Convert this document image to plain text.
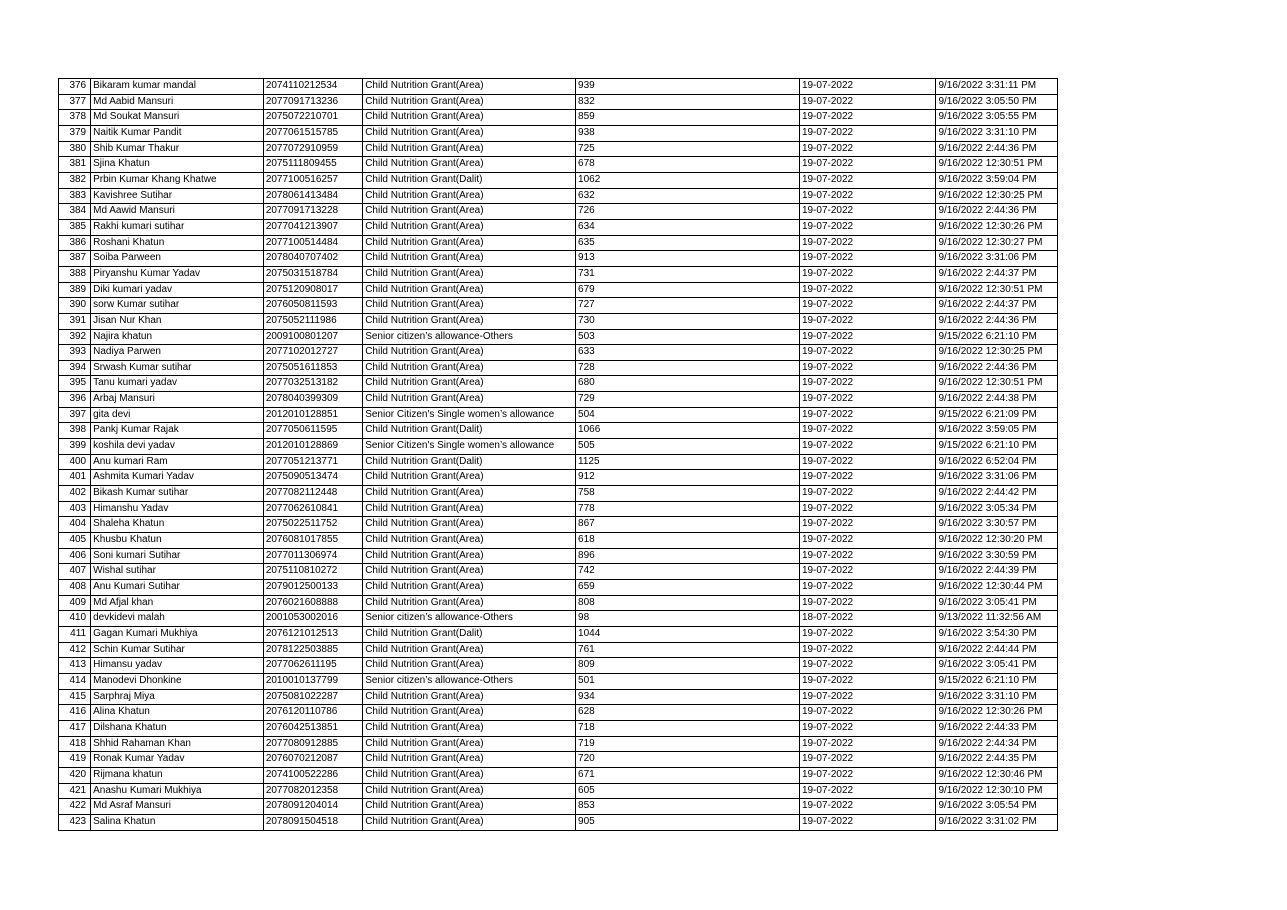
376	Bikaram kumar mandal	2074110212534	Child Nutrition Grant(Area)	939	19-07-2022	9/16/2022 3:31:11 PM
377	Md Aabid Mansuri	2077091713236	Child Nutrition Grant(Area)	832	19-07-2022	9/16/2022 3:05:50 PM
378	Md Soukat Mansuri	2075072210701	Child Nutrition Grant(Area)	859	19-07-2022	9/16/2022 3:05:55 PM
379	Naitik Kumar Pandit	2077061515785	Child Nutrition Grant(Area)	938	19-07-2022	9/16/2022 3:31:10 PM
380	Shib Kumar Thakur	2077072910959	Child Nutrition Grant(Area)	725	19-07-2022	9/16/2022 2:44:36 PM
381	Sjina Khatun	2075111809455	Child Nutrition Grant(Area)	678	19-07-2022	9/16/2022 12:30:51 PM
382	Prbin Kumar Khang Khatwe	2077100516257	Child Nutrition Grant(Dalit)	1062	19-07-2022	9/16/2022 3:59:04 PM
383	Kavishree Sutihar	2078061413484	Child Nutrition Grant(Area)	632	19-07-2022	9/16/2022 12:30:25 PM
384	Md Aawid Mansuri	2077091713228	Child Nutrition Grant(Area)	726	19-07-2022	9/16/2022 2:44:36 PM
385	Rakhi kumari sutihar	2077041213907	Child Nutrition Grant(Area)	634	19-07-2022	9/16/2022 12:30:26 PM
386	Roshani Khatun	2077100514484	Child Nutrition Grant(Area)	635	19-07-2022	9/16/2022 12:30:27 PM
387	Soiba Parween	2078040707402	Child Nutrition Grant(Area)	913	19-07-2022	9/16/2022 3:31:06 PM
388	Piryanshu Kumar Yadav	2075031518784	Child Nutrition Grant(Area)	731	19-07-2022	9/16/2022 2:44:37 PM
389	Diki kumari yadav	2075120908017	Child Nutrition Grant(Area)	679	19-07-2022	9/16/2022 12:30:51 PM
390	sorw Kumar sutihar	2076050811593	Child Nutrition Grant(Area)	727	19-07-2022	9/16/2022 2:44:37 PM
391	Jisan Nur Khan	2075052111986	Child Nutrition Grant(Area)	730	19-07-2022	9/16/2022 2:44:36 PM
392	Najira khatun	2009100801207	Senior citizen’s allowance-Others	503	19-07-2022	9/15/2022 6:21:10 PM
393	Nadiya Parwen	2077102012727	Child Nutrition Grant(Area)	633	19-07-2022	9/16/2022 12:30:25 PM
394	Srwash Kumar sutihar	2075051611853	Child Nutrition Grant(Area)	728	19-07-2022	9/16/2022 2:44:36 PM
395	Tanu kumari yadav	2077032513182	Child Nutrition Grant(Area)	680	19-07-2022	9/16/2022 12:30:51 PM
396	Arbaj Mansuri	2078040399309	Child Nutrition Grant(Area)	729	19-07-2022	9/16/2022 2:44:38 PM
397	gita devi	2012010128851	Senior Citizen's Single women’s allowance	504	19-07-2022	9/15/2022 6:21:09 PM
398	Pankj Kumar Rajak	2077050611595	Child Nutrition Grant(Dalit)	1066	19-07-2022	9/16/2022 3:59:05 PM
399	koshila devi yadav	2012010128869	Senior Citizen's Single women’s allowance	505	19-07-2022	9/15/2022 6:21:10 PM
400	Anu kumari Ram	2077051213771	Child Nutrition Grant(Dalit)	1125	19-07-2022	9/16/2022 6:52:04 PM
401	Ashmita Kumari Yadav	2075090513474	Child Nutrition Grant(Area)	912	19-07-2022	9/16/2022 3:31:06 PM
402	Bikash Kumar sutihar	2077082112448	Child Nutrition Grant(Area)	758	19-07-2022	9/16/2022 2:44:42 PM
403	Himanshu Yadav	2077062610841	Child Nutrition Grant(Area)	778	19-07-2022	9/16/2022 3:05:34 PM
404	Shaleha Khatun	2075022511752	Child Nutrition Grant(Area)	867	19-07-2022	9/16/2022 3:30:57 PM
405	Khusbu Khatun	2076081017855	Child Nutrition Grant(Area)	618	19-07-2022	9/16/2022 12:30:20 PM
406	Soni kumari Sutihar	2077011306974	Child Nutrition Grant(Area)	896	19-07-2022	9/16/2022 3:30:59 PM
407	Wishal sutihar	2075110810272	Child Nutrition Grant(Area)	742	19-07-2022	9/16/2022 2:44:39 PM
408	Anu Kumari Sutihar	2079012500133	Child Nutrition Grant(Area)	659	19-07-2022	9/16/2022 12:30:44 PM
409	Md Afjal khan	2076021608888	Child Nutrition Grant(Area)	808	19-07-2022	9/16/2022 3:05:41 PM
410	devkidevi malah	2001053002016	Senior citizen’s allowance-Others	98	18-07-2022	9/13/2022 11:32:56 AM
411	Gagan Kumari Mukhiya	2076121012513	Child Nutrition Grant(Dalit)	1044	19-07-2022	9/16/2022 3:54:30 PM
412	Schin Kumar Sutihar	2078122503885	Child Nutrition Grant(Area)	761	19-07-2022	9/16/2022 2:44:44 PM
413	Himansu yadav	2077062611195	Child Nutrition Grant(Area)	809	19-07-2022	9/16/2022 3:05:41 PM
414	Manodevi Dhonkine	2010010137799	Senior citizen’s allowance-Others	501	19-07-2022	9/15/2022 6:21:10 PM
415	Sarphraj Miya	2075081022287	Child Nutrition Grant(Area)	934	19-07-2022	9/16/2022 3:31:10 PM
416	Alina Khatun	2076120110786	Child Nutrition Grant(Area)	628	19-07-2022	9/16/2022 12:30:26 PM
417	Dilshana Khatun	2076042513851	Child Nutrition Grant(Area)	718	19-07-2022	9/16/2022 2:44:33 PM
418	Shhid Rahaman Khan	2077080912885	Child Nutrition Grant(Area)	719	19-07-2022	9/16/2022 2:44:34 PM
419	Ronak Kumar Yadav	2076070212087	Child Nutrition Grant(Area)	720	19-07-2022	9/16/2022 2:44:35 PM
420	Rijmana khatun	2074100522286	Child Nutrition Grant(Area)	671	19-07-2022	9/16/2022 12:30:46 PM
421	Anashu Kumari Mukhiya	2077082012358	Child Nutrition Grant(Area)	605	19-07-2022	9/16/2022 12:30:10 PM
422	Md Asraf Mansuri	2078091204014	Child Nutrition Grant(Area)	853	19-07-2022	9/16/2022 3:05:54 PM
423	Salina Khatun	2078091504518	Child Nutrition Grant(Area)	905	19-07-2022	9/16/2022 3:31:02 PM
